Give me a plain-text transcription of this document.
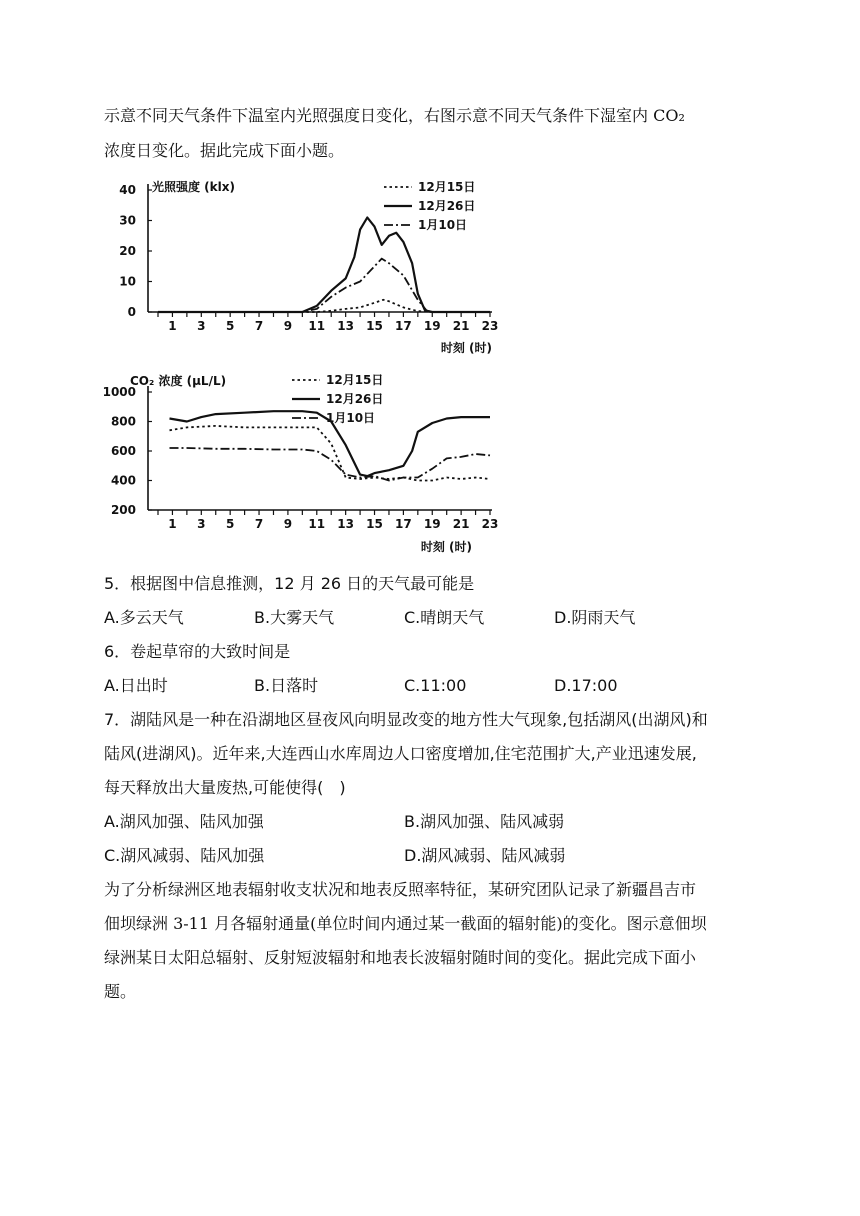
示意不同天气条件下温室内光照强度日变化，右图示意不同天气条件下湿室内 CO₂
浓度日变化。据此完成下面小题。
0
10
20
30
40
1 3 5 7 9 11 13 15 17 19 21 23
光照强度 (klx)
时刻 (时)
12月15日
12月26日
1月10日
200
400
600
800
1000
1 3 5 7 9 11 13 15 17 19 21 23
CO₂ 浓度 (μL/L)
时刻 (时)
12月15日
12月26日
1月10日
5．根据图中信息推测，12 月 26 日的天气最可能是
A.多云天气	B.大雾天气	C.晴朗天气	D.阴雨天气
6．卷起草帘的大致时间是
A.日出时	B.日落时	C.11:00	D.17:00
7．湖陆风是一种在沿湖地区昼夜风向明显改变的地方性大气现象,包括湖风(出湖风)和
陆风(进湖风)。近年来,大连西山水库周边人口密度增加,住宅范围扩大,产业迅速发展,
每天释放出大量废热,可能使得(　)
A.湖风加强、陆风加强	B.湖风加强、陆风减弱
C.湖风减弱、陆风加强	D.湖风减弱、陆风减弱
为了分析绿洲区地表辐射收支状况和地表反照率特征，某研究团队记录了新疆昌吉市
佃坝绿洲 3-11 月各辐射通量(单位时间内通过某一截面的辐射能)的变化。图示意佃坝
绿洲某日太阳总辐射、反射短波辐射和地表长波辐射随时间的变化。据此完成下面小
题。
